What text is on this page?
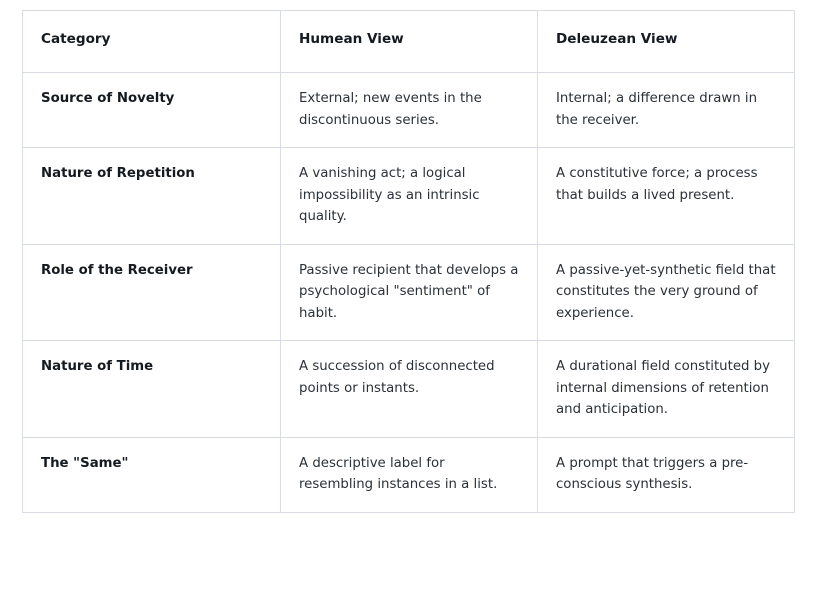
Category	Humean View	Deleuzean View
Source of Novelty	External; new events in the discontinuous series.	Internal; a difference drawn in the receiver.
Nature of Repetition	A vanishing act; a logical impossibility as an intrinsic quality.	A constitutive force; a process that builds a lived present.
Role of the Receiver	Passive recipient that develops a psychological "sentiment" of habit.	A passive-yet-synthetic field that constitutes the very ground of experience.
Nature of Time	A succession of disconnected points or instants.	A durational field constituted by internal dimensions of retention and anticipation.
The "Same"	A descriptive label for resembling instances in a list.	A prompt that triggers a pre-conscious synthesis.
